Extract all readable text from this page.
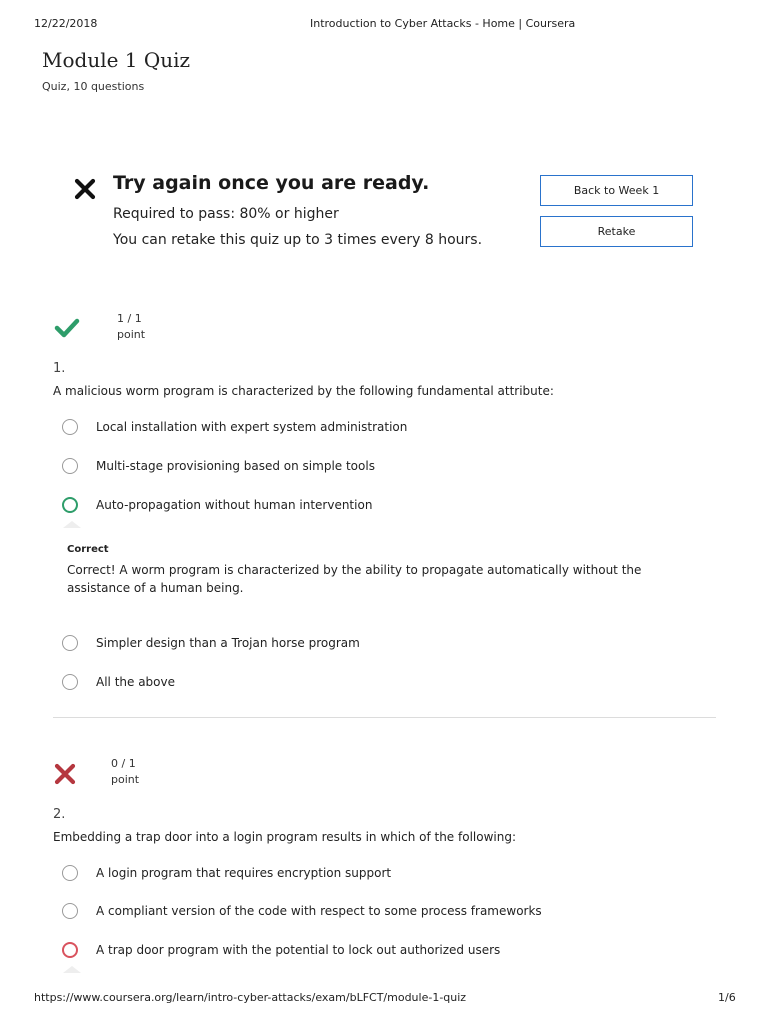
12/22/2018	Introduction to Cyber Attacks - Home | Coursera
Module 1 Quiz
Quiz, 10 questions
Try again once you are ready.
Required to pass: 80% or higher
You can retake this quiz up to 3 times every 8 hours.
Back to Week 1
Retake
1 / 1
point
1.
A malicious worm program is characterized by the following fundamental attribute:
Local installation with expert system administration
Multi-stage provisioning based on simple tools
Auto-propagation without human intervention
Correct
Correct! A worm program is characterized by the ability to propagate automatically without the assistance of a human being.
Simpler design than a Trojan horse program
All the above
0 / 1
point
2.
Embedding a trap door into a login program results in which of the following:
A login program that requires encryption support
A compliant version of the code with respect to some process frameworks
A trap door program with the potential to lock out authorized users
https://www.coursera.org/learn/intro-cyber-attacks/exam/bLFCT/module-1-quiz	1/6
